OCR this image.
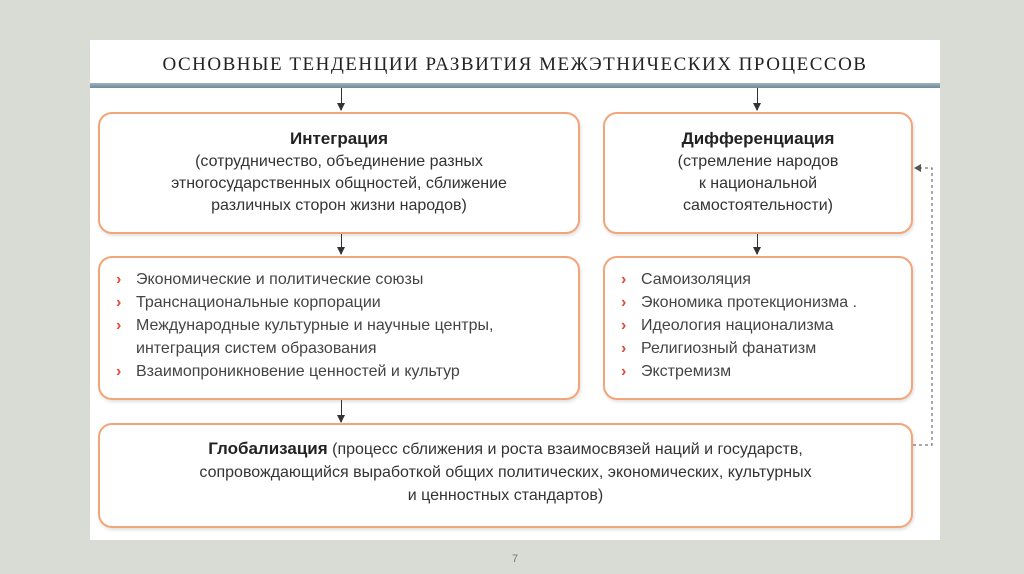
ОСНОВНЫЕ ТЕНДЕНЦИИ РАЗВИТИЯ МЕЖЭТНИЧЕСКИХ ПРОЦЕССОВ
Интеграция
(сотрудничество, объединение разных
этногосударственных общностей, сближение
различных сторон жизни народов)
Дифференциация
(стремление народов
к национальной
самостоятельности)
› Экономические и политические союзы
› Транснациональные корпорации
› Международные культурные и научные центры,
интеграция систем образования
› Взаимопроникновение ценностей и культур
› Самоизоляция
› Экономика протекционизма .
› Идеология национализма
› Религиозный фанатизм
› Экстремизм
Глобализация (процесс сближения и роста взаимосвязей наций и государств,
сопровождающийся выработкой общих политических, экономических, культурных
и ценностных стандартов)
7
